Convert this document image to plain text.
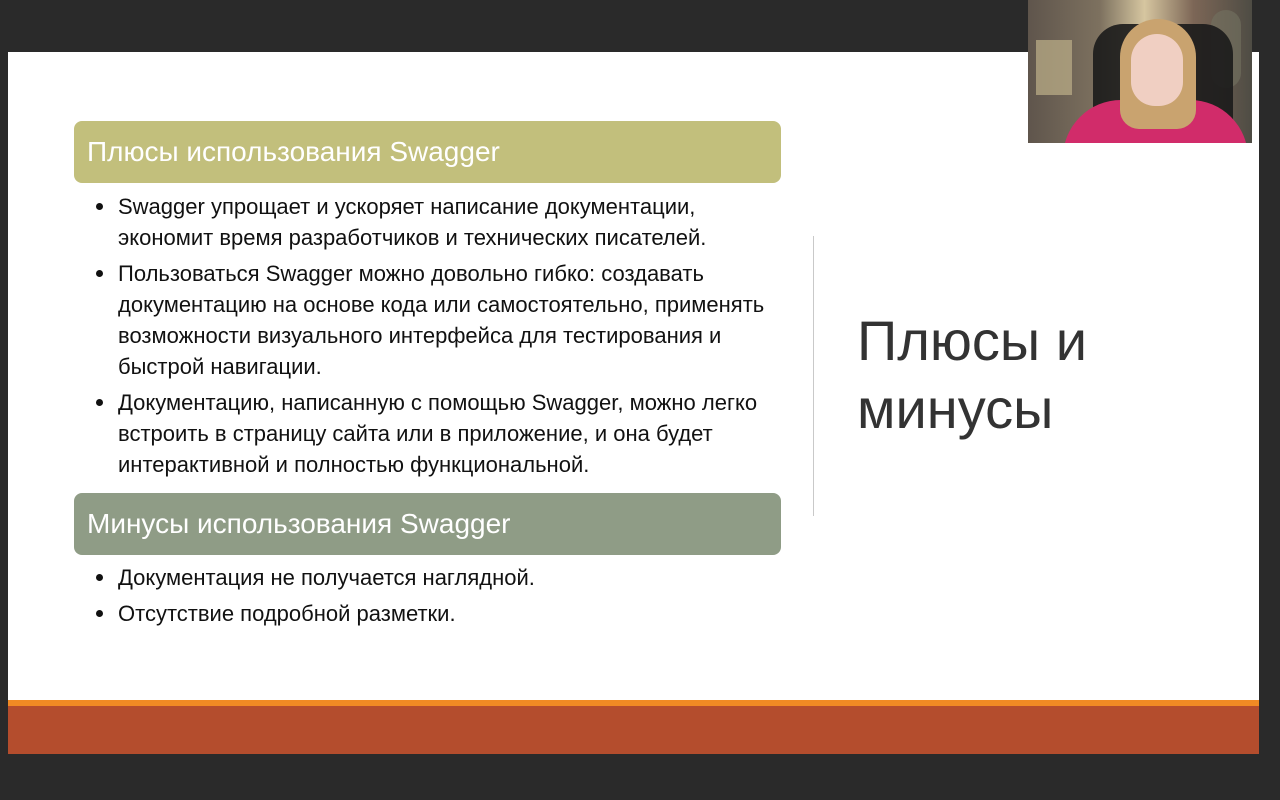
Плюсы использования Swagger
Swagger упрощает и ускоряет написание документации, экономит время разработчиков и технических писателей.
Пользоваться Swagger можно довольно гибко: создавать документацию на основе кода или самостоятельно, применять возможности визуального интерфейса для тестирования и быстрой навигации.
Документацию, написанную с помощью Swagger, можно легко встроить в страницу сайта или в приложение, и она будет интерактивной и полностью функциональной.
Минусы использования Swagger
Документация не получается наглядной.
Отсутствие подробной разметки.
Плюсы и
минусы
